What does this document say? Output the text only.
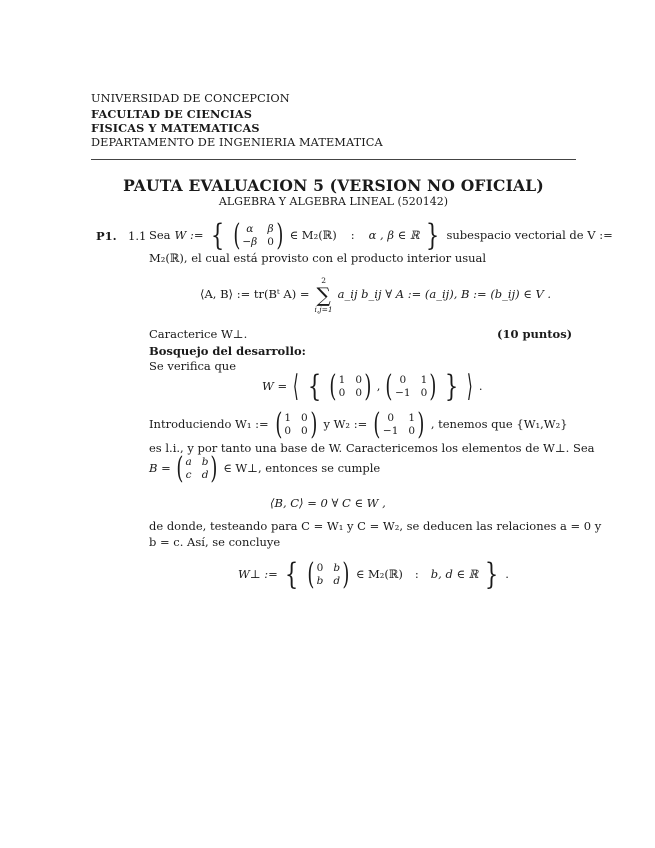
UNIVERSIDAD DE CONCEPCION
FACULTAD DE CIENCIAS
FISICAS Y MATEMATICAS
DEPARTAMENTO DE INGENIERIA MATEMATICA
PAUTA EVALUACION 5 (VERSION NO OFICIAL)
ALGEBRA Y ALGEBRA LINEAL (520142)
P1. 1.1 Sea W := { ( α	β
−β 0 ) ∈ M₂(ℝ) : α , β ∈ ℝ } subespacio vectorial de V :=
M₂(ℝ), el cual está provisto con el producto interior usual
⟨A, B⟩ := tr(Bᵗ A) =
2
∑
i,j=1
a_ij b_ij ∀ A := (a_ij), B := (b_ij) ∈ V .
Caracterice W⊥.	(10 puntos)
Bosquejo del desarrollo:
Se verifica que
W = ⟨ { ( 1 0
0 0 ) , ( 0	1
−1 0 ) } ⟩ .
Introduciendo W₁ := ( 1 0
0 0 ) y W₂ := ( 0	1
−1 0 ) , tenemos que {W₁,W₂}
es l.i., y por tanto una base de W. Caractericemos los elementos de W⊥. Sea
B = ( a b
c d ) ∈ W⊥, entonces se cumple
⟨B, C⟩ = 0 ∀ C ∈ W ,
de donde, testeando para C = W₁ y C = W₂, se deducen las relaciones a = 0 y
b = c. Así, se concluye
W⊥ := { ( 0 b
b d ) ∈ M₂(ℝ) : b, d ∈ ℝ } .
